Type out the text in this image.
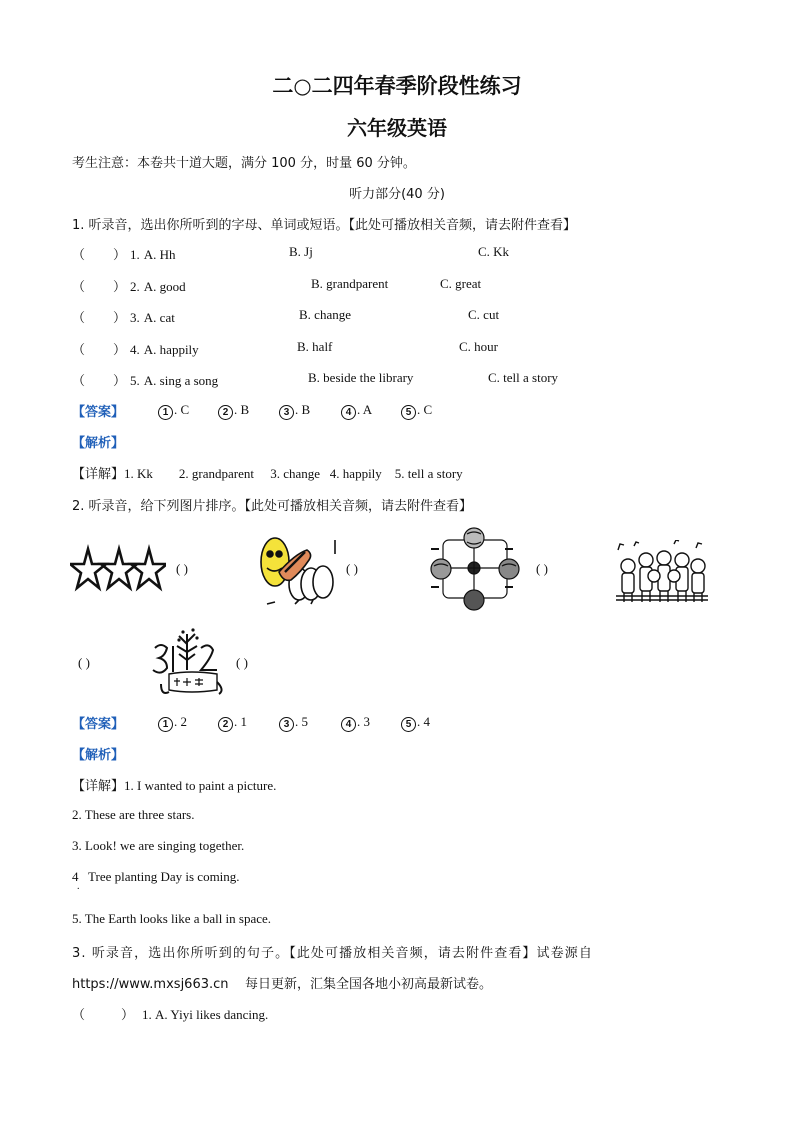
二○二四年春季阶段性练习
六年级英语
考生注意：本卷共十道大题，满分 100 分，时量 60 分钟。
听力部分(40 分)
1. 听录音，选出你所听到的字母、单词或短语。【此处可播放相关音频，请去附件查看】
（ ） 1. A. Hh	B. Jj	C. Kk
（ ） 2. A. good	B. grandparent	C. great
（ ） 3. A. cat	B. change	C. cut
（ ） 4. A. happily	B. half	C. hour
（ ） 5. A. sing a song	B. beside the library	C. tell a story
【答案】	1 . C	2 . B	3 . B	4 . A	5 . C
【解析】
【详解】1. Kk        2. grandparent     3. change   4. happily    5. tell a story
2. 听录音，给下列图片排序。【此处可播放相关音频，请去附件查看】
( )	( )	( )
( )	( )
【答案】	1 . 2	2 . 1	3 . 5	4 . 3	5 . 4
【解析】
【详解】1. I wanted to paint a picture.
2. These are three stars.
3. Look! we are singing together.
4   Tree planting Day is coming.
.
5. The Earth looks like a ball in space.
3. 听录音，选出你所听到的句子。【此处可播放相关音频，请去附件查看】试卷源自
https://www.mxsj663.cn    每日更新，汇集全国各地小初高最新试卷。
（	） 1. A. Yiyi likes dancing.
